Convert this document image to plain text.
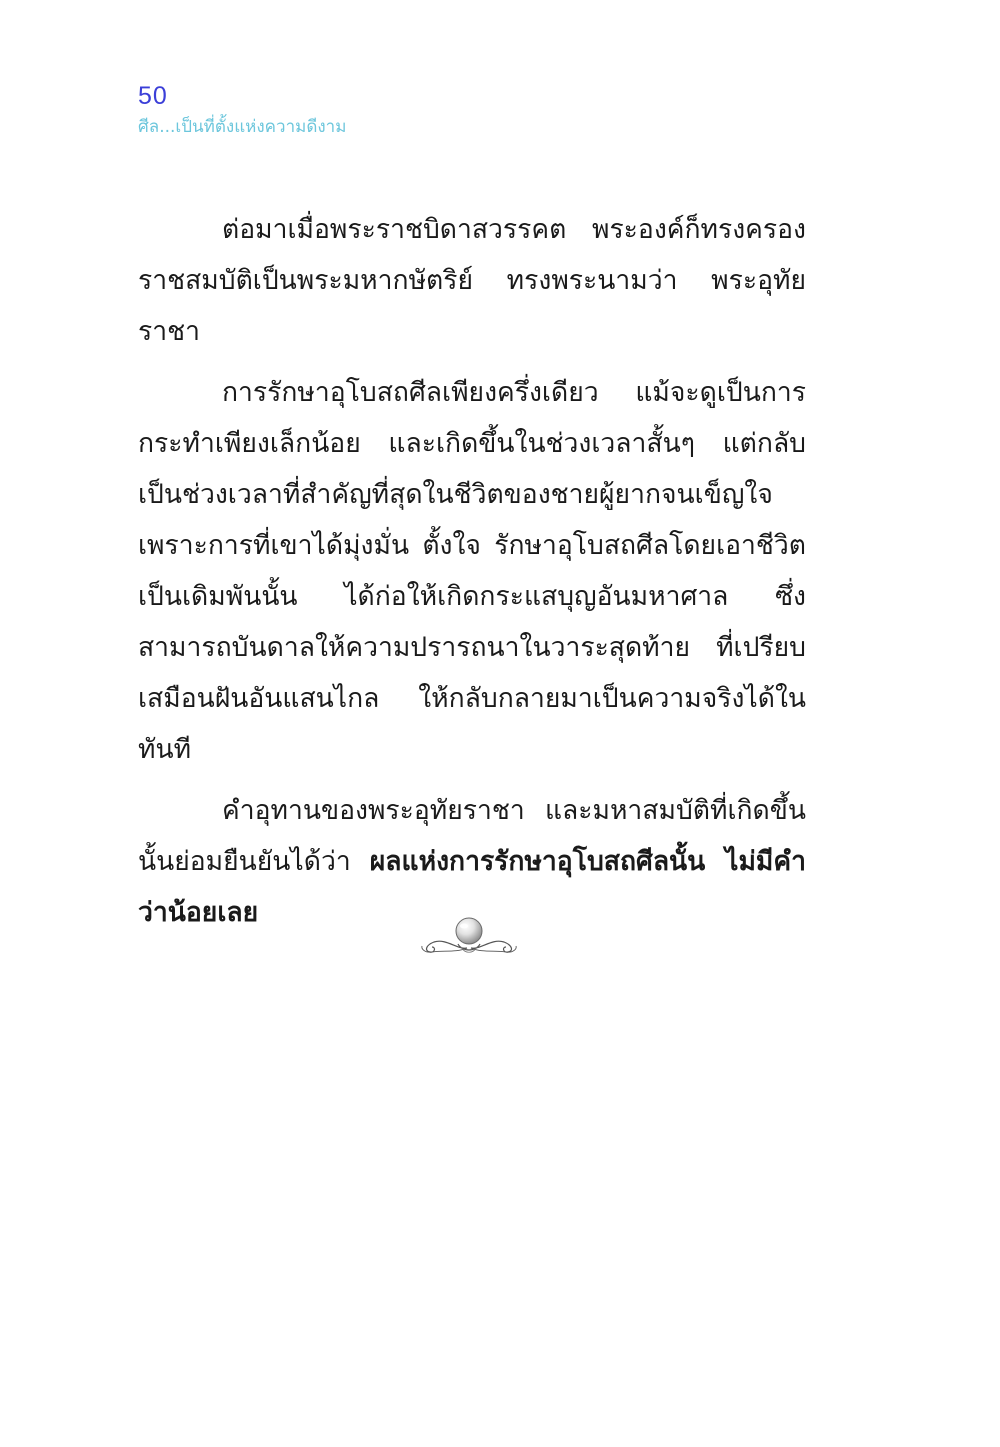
50
ศีล...เป็นที่ตั้งแห่งความดีงาม

ต่อมาเมื่อพระราชบิดาสวรรคต พระองค์ก็ทรงครองราชสมบัติเป็นพระมหากษัตริย์ ทรงพระนามว่า พระอุทัยราชา

การรักษาอุโบสถศีลเพียงครึ่งเดียว แม้จะดูเป็นการกระทำเพียงเล็กน้อย และเกิดขึ้นในช่วงเวลาสั้นๆ แต่กลับเป็นช่วงเวลาที่สำคัญที่สุดในชีวิตของชายผู้ยากจนเข็ญใจ เพราะการที่เขาได้มุ่งมั่น ตั้งใจ รักษาอุโบสถศีลโดยเอาชีวิตเป็นเดิมพันนั้น ได้ก่อให้เกิดกระแสบุญอันมหาศาล ซึ่งสามารถบันดาลให้ความปรารถนาในวาระสุดท้าย ที่เปรียบเสมือนฝันอันแสนไกล ให้กลับกลายมาเป็นความจริงได้ในทันที

คำอุทานของพระอุทัยราชา และมหาสมบัติที่เกิดขึ้นนั้นย่อมยืนยันได้ว่า ผลแห่งการรักษาอุโบสถศีลนั้น ไม่มีคำว่าน้อยเลย
